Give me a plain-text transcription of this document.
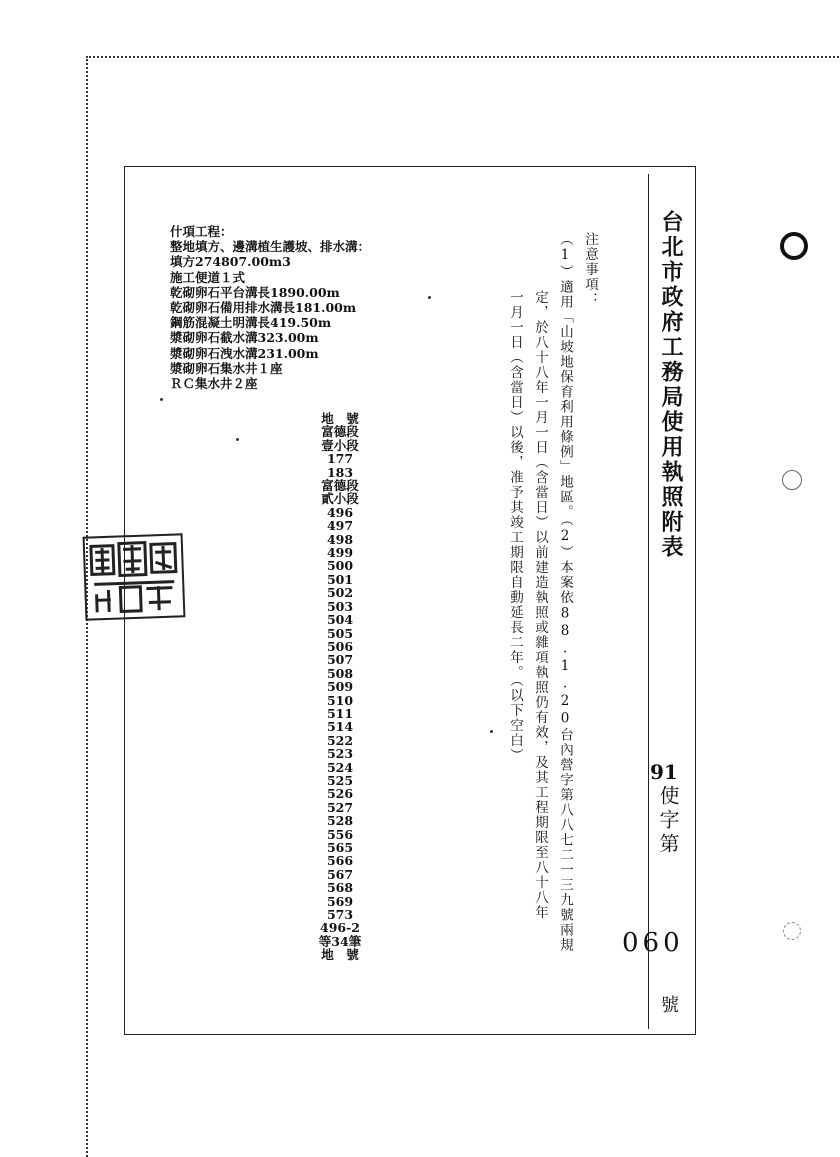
台北市政府工務局使用執照附表
91
使字第
060
號
注意事項：
（1）適用「山坡地保育利用條例」地區。（2）本案依88.1.20台內營字第八八七二一三九號兩規
定，於八十八年一月一日（含當日）以前建造執照或雜項執照仍有效，及其工程期限至八十八年
一月一日（含當日）以後，准予其竣工期限自動延長二年。（以下空白）
什項工程：
整地填方、邊溝植生護坡、排水溝：
填方274807.00m3
施工便道１式
乾砌卵石平台溝長1890.00m
乾砌卵石備用排水溝長181.00m
鋼筋混凝土明溝長419.50m
漿砌卵石截水溝323.00m
漿砌卵石洩水溝231.00m
漿砌卵石集水井１座
ＲＣ集水井２座
地　號
富德段
壹小段
177
183
富德段
貳小段
496
497
498
499
500
501
502
503
504
505
506
507
508
509
510
511
514
522
523
524
525
526
527
528
556
565
566
567
568
569
573
496-2
等34筆
地　號
